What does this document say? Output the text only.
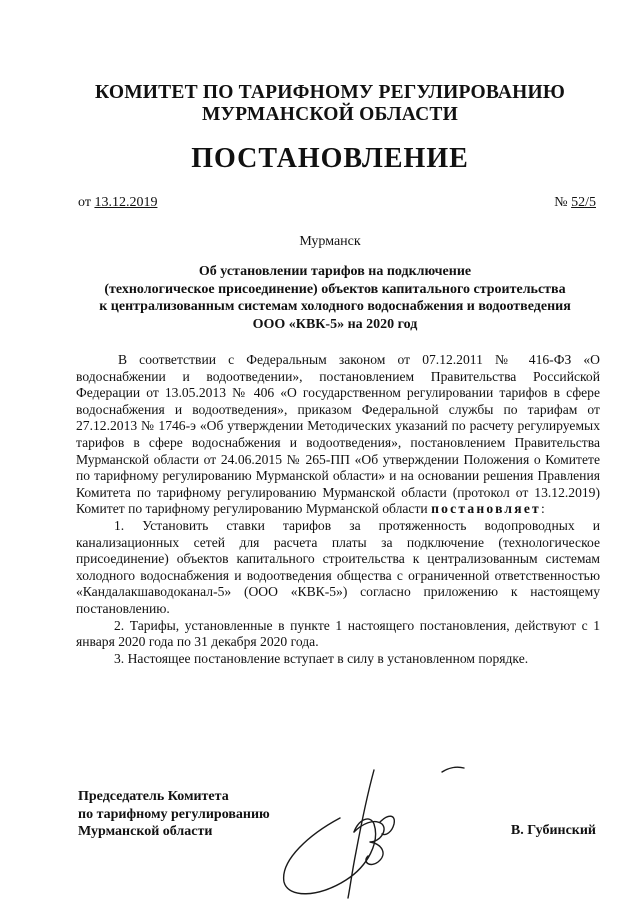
КОМИТЕТ ПО ТАРИФНОМУ РЕГУЛИРОВАНИЮ
МУРМАНСКОЙ ОБЛАСТИ
ПОСТАНОВЛЕНИЕ
от 13.12.2019	№ 52/5
Мурманск
Об установлении тарифов на подключение
(технологическое присоединение) объектов капитального строительства
к централизованным системам холодного водоснабжения и водоотведения
ООО «КВК-5» на 2020 год

В соответствии с Федеральным законом от 07.12.2011 № 416-ФЗ «О водоснабжении и водоотведении», постановлением Правительства Российской Федерации от 13.05.2013 № 406 «О государственном регулировании тарифов в сфере водоснабжения и водоотведения», приказом Федеральной службы по тарифам от 27.12.2013 № 1746-э «Об утверждении Методических указаний по расчету регулируемых тарифов в сфере водоснабжения и водоотведения», постановлением Правительства Мурманской области от 24.06.2015 № 265-ПП «Об утверждении Положения о Комитете по тарифному регулированию Мурманской области» и на основании решения Правления Комитета по тарифному регулированию Мурманской области (протокол от 13.12.2019) Комитет по тарифному регулированию Мурманской области постановляет:

1. Установить ставки тарифов за протяженность водопроводных и канализационных сетей для расчета платы за подключение (технологическое присоединение) объектов капитального строительства к централизованным системам холодного водоснабжения и водоотведения общества с ограниченной ответственностью «Кандалакшаводоканал-5» (ООО «КВК-5») согласно приложению к настоящему постановлению.

2. Тарифы, установленные в пункте 1 настоящего постановления, действуют с 1 января 2020 года по 31 декабря 2020 года.

3. Настоящее постановление вступает в силу в установленном порядке.

Председатель Комитета
по тарифному регулированию
Мурманской области	В. Губинский
